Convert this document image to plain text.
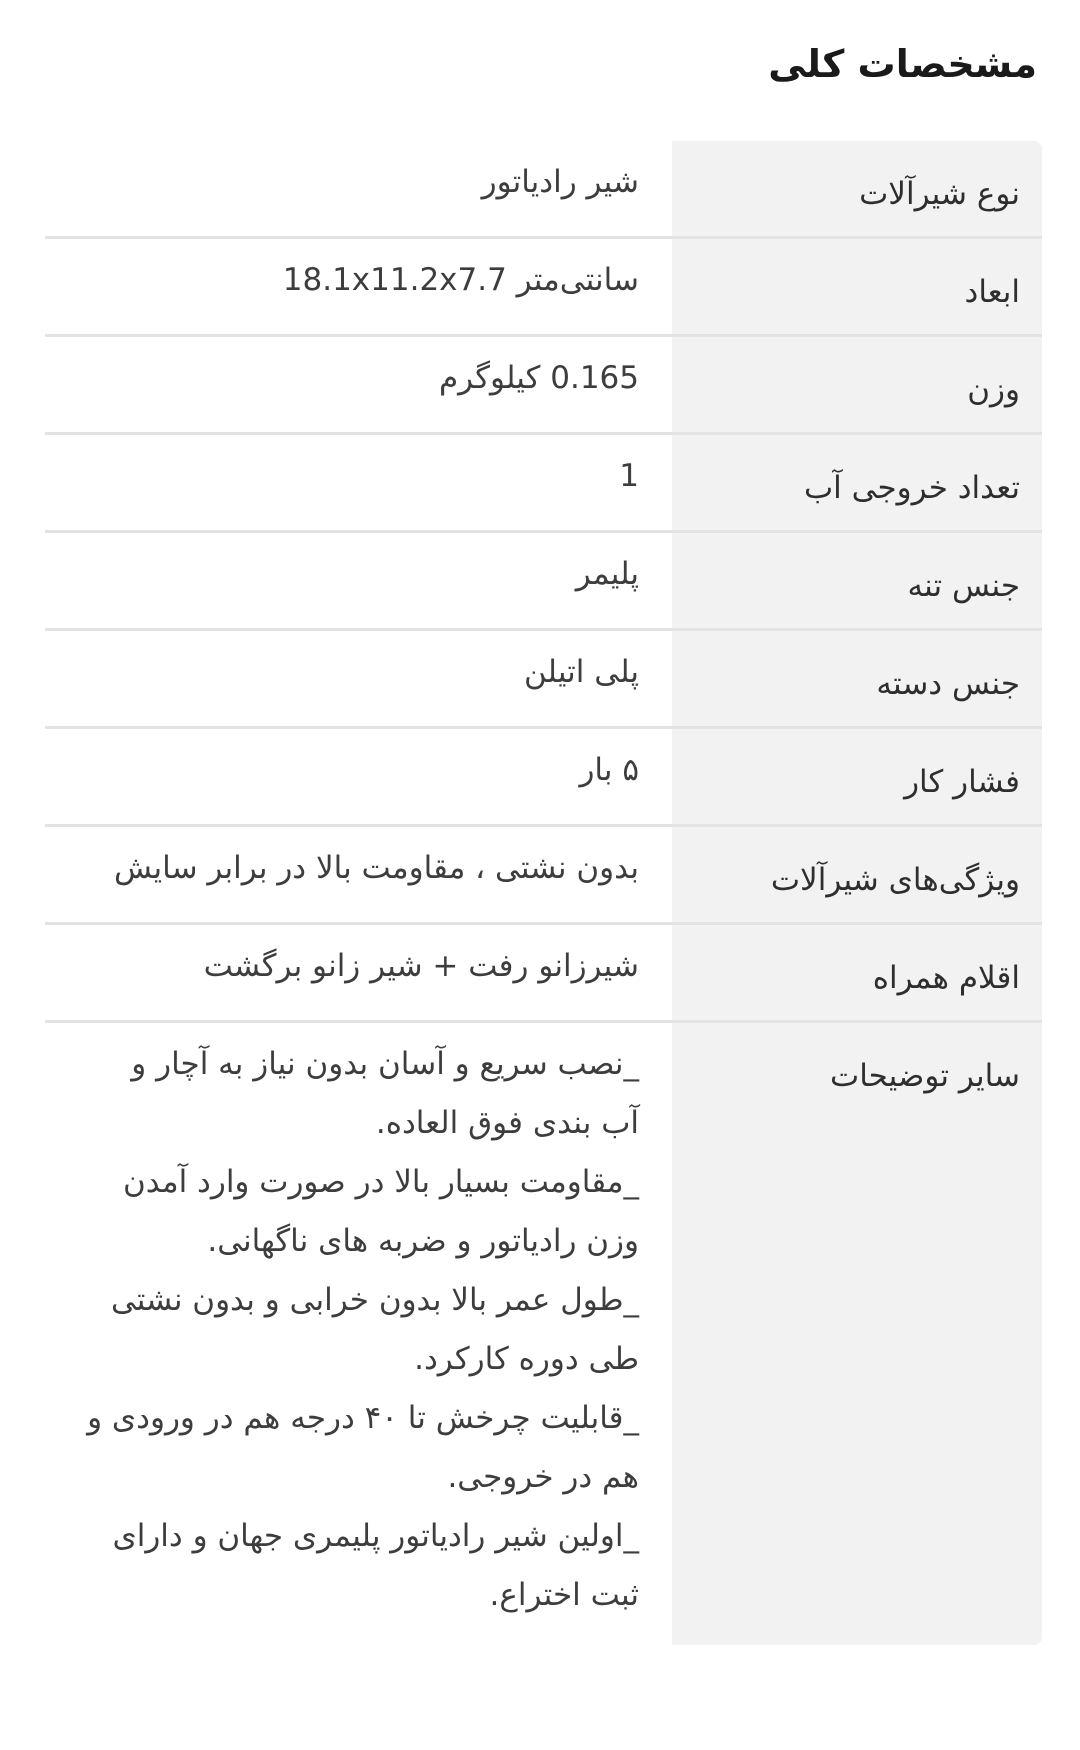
مشخصات کلی
نوع شیرآلات	شیر رادیاتور

ابعاد	سانتی‌متر 18.1x11.2x7.7

وزن	0.165 کیلوگرم

تعداد خروجی آب	1

جنس تنه	پلیمر

جنس دسته	پلی اتیلن

فشار کار	۵ بار

ویژگی‌های شیرآلات	بدون نشتی ، مقاومت بالا در برابر سایش

اقلام همراه	شیرزانو رفت + شیر زانو برگشت

سایر توضیحات	_نصب سریع و آسان بدون نیاز به آچار و آب بندی فوق العاده.
_مقاومت بسیار بالا در صورت وارد آمدن وزن رادیاتور و ضربه های ناگهانی.
_طول عمر بالا بدون خرابی و بدون نشتی طی دوره کارکرد.
_قابلیت چرخش تا ۴۰ درجه هم در ورودی و هم در خروجی.
_اولین شیر رادیاتور پلیمری جهان و دارای ثبت اختراع.
